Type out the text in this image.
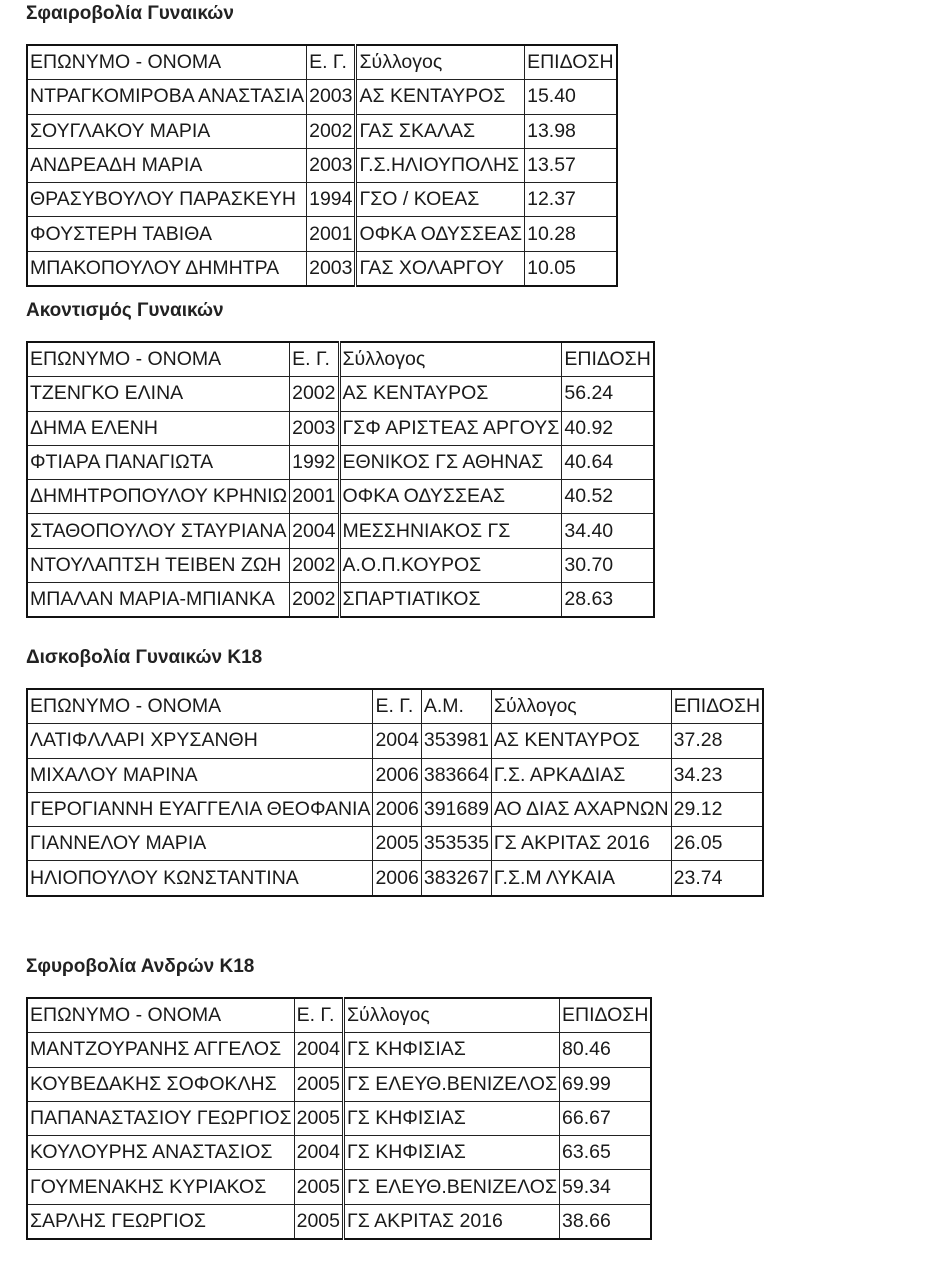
Σφαιροβολία Γυναικών
ΕΠΩΝΥΜΟ - ΟΝΟΜΑ	Ε. Γ.	Σύλλογος	ΕΠΙΔΟΣΗ
ΝΤΡΑΓΚΟΜΙΡΟΒΑ ΑΝΑΣΤΑΣΙΑ	2003	ΑΣ ΚΕΝΤΑΥΡΟΣ	15.40
ΣΟΥΓΛΑΚΟΥ ΜΑΡΙΑ	2002	ΓΑΣ ΣΚΑΛΑΣ	13.98
ΑΝΔΡΕΑΔΗ ΜΑΡΙΑ	2003	Γ.Σ.ΗΛΙΟΥΠΟΛΗΣ	13.57
ΘΡΑΣΥΒΟΥΛΟΥ ΠΑΡΑΣΚΕΥΗ	1994	ΓΣΟ / ΚΟΕΑΣ	12.37
ΦΟΥΣΤΕΡΗ ΤΑΒΙΘΑ	2001	ΟΦΚΑ ΟΔΥΣΣΕΑΣ	10.28
ΜΠΑΚΟΠΟΥΛΟΥ ΔΗΜΗΤΡΑ	2003	ΓΑΣ ΧΟΛΑΡΓΟΥ	10.05
Ακοντισμός Γυναικών
ΕΠΩΝΥΜΟ - ΟΝΟΜΑ	Ε. Γ.	Σύλλογος	ΕΠΙΔΟΣΗ
ΤΖΕΝΓΚΟ ΕΛΙΝΑ	2002	ΑΣ ΚΕΝΤΑΥΡΟΣ	56.24
ΔΗΜΑ ΕΛΕΝΗ	2003	ΓΣΦ ΑΡΙΣΤΕΑΣ ΑΡΓΟΥΣ	40.92
ΦΤΙΑΡΑ ΠΑΝΑΓΙΩΤΑ	1992	ΕΘΝΙΚΟΣ ΓΣ ΑΘΗΝΑΣ	40.64
ΔΗΜΗΤΡΟΠΟΥΛΟΥ ΚΡΗΝΙΩ	2001	ΟΦΚΑ ΟΔΥΣΣΕΑΣ	40.52
ΣΤΑΘΟΠΟΥΛΟΥ ΣΤΑΥΡΙΑΝΑ	2004	ΜΕΣΣΗΝΙΑΚΟΣ ΓΣ	34.40
ΝΤΟΥΛΑΠΤΣΗ ΤΕΙΒΕΝ ΖΩΗ	2002	Α.Ο.Π.ΚΟΥΡΟΣ	30.70
ΜΠΑΛΑΝ ΜΑΡΙΑ-ΜΠΙΑΝΚΑ	2002	ΣΠΑΡΤΙΑΤΙΚΟΣ	28.63
Δισκοβολία Γυναικών Κ18
ΕΠΩΝΥΜΟ - ΟΝΟΜΑ	Ε. Γ.	Α.Μ.	Σύλλογος	ΕΠΙΔΟΣΗ
ΛΑΤΙΦΛΛΑΡΙ ΧΡΥΣΑΝΘΗ	2004	353981	ΑΣ ΚΕΝΤΑΥΡΟΣ	37.28
ΜΙΧΑΛΟΥ ΜΑΡΙΝΑ	2006	383664	Γ.Σ. ΑΡΚΑΔΙΑΣ	34.23
ΓΕΡΟΓΙΑΝΝΗ ΕΥΑΓΓΕΛΙΑ ΘΕΟΦΑΝΙΑ	2006	391689	ΑΟ ΔΙΑΣ ΑΧΑΡΝΩΝ	29.12
ΓΙΑΝΝΕΛΟΥ ΜΑΡΙΑ	2005	353535	ΓΣ ΑΚΡΙΤΑΣ 2016	26.05
ΗΛΙΟΠΟΥΛΟΥ ΚΩΝΣΤΑΝΤΙΝΑ	2006	383267	Γ.Σ.Μ ΛΥΚΑΙΑ	23.74
Σφυροβολία Ανδρών Κ18
ΕΠΩΝΥΜΟ - ΟΝΟΜΑ	Ε. Γ.	Σύλλογος	ΕΠΙΔΟΣΗ
ΜΑΝΤΖΟΥΡΑΝΗΣ ΑΓΓΕΛΟΣ	2004	ΓΣ ΚΗΦΙΣΙΑΣ	80.46
ΚΟΥΒΕΔΑΚΗΣ ΣΟΦΟΚΛΗΣ	2005	ΓΣ ΕΛΕΥΘ.ΒΕΝΙΖΕΛΟΣ	69.99
ΠΑΠΑΝΑΣΤΑΣΙΟΥ ΓΕΩΡΓΙΟΣ	2005	ΓΣ ΚΗΦΙΣΙΑΣ	66.67
ΚΟΥΛΟΥΡΗΣ ΑΝΑΣΤΑΣΙΟΣ	2004	ΓΣ ΚΗΦΙΣΙΑΣ	63.65
ΓΟΥΜΕΝΑΚΗΣ ΚΥΡΙΑΚΟΣ	2005	ΓΣ ΕΛΕΥΘ.ΒΕΝΙΖΕΛΟΣ	59.34
ΣΑΡΛΗΣ ΓΕΩΡΓΙΟΣ	2005	ΓΣ ΑΚΡΙΤΑΣ 2016	38.66
